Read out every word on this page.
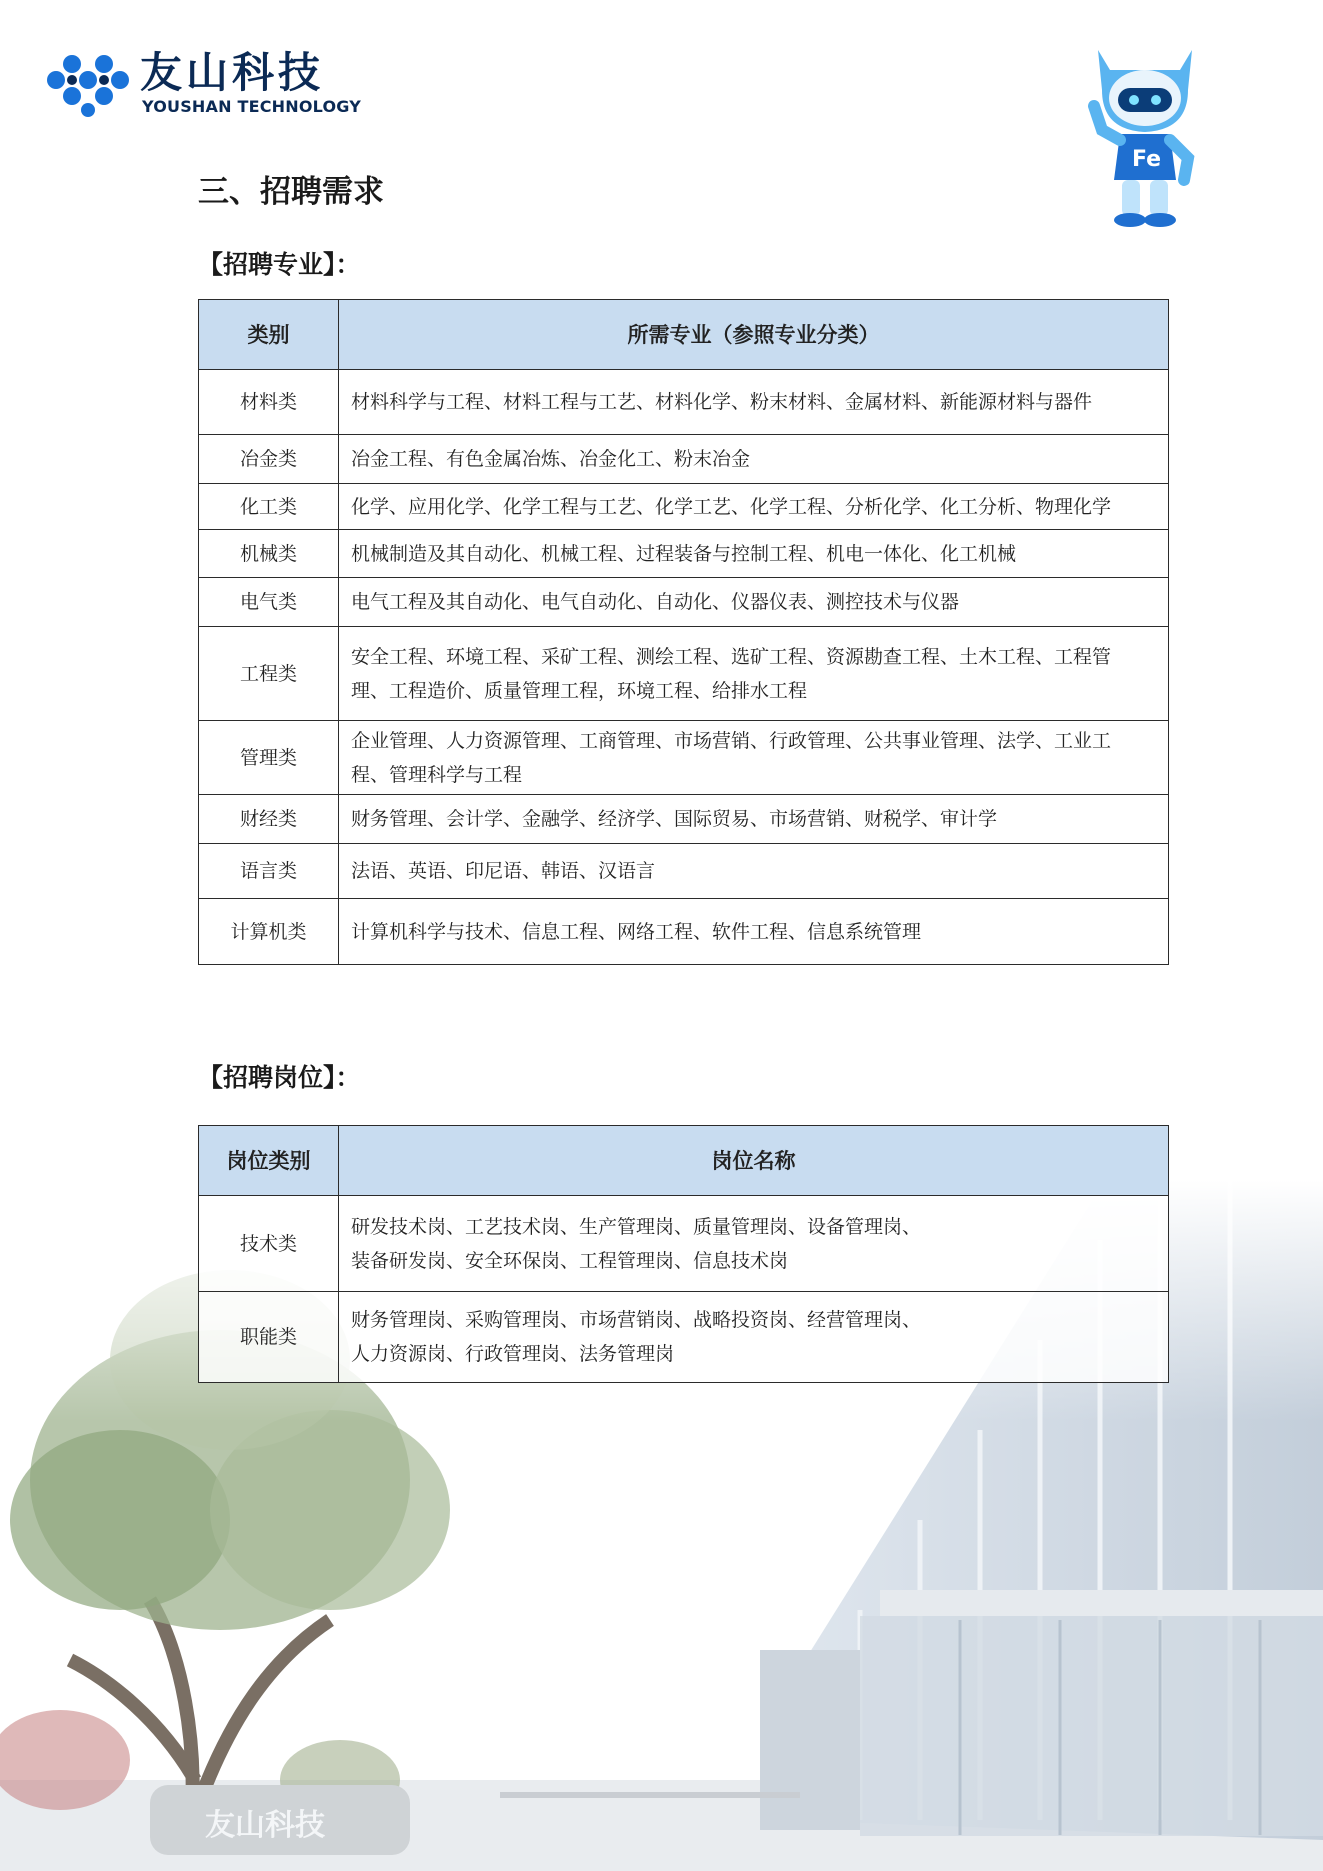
友山科技
YOUSHAN TECHNOLOGY
Fe
三、招聘需求
【招聘专业】：
类别	所需专业（参照专业分类）
材料类	材料科学与工程、材料工程与工艺、材料化学、粉末材料、金属材料、新能源材料与器件

冶金类	冶金工程、有色金属冶炼、冶金化工、粉末冶金

化工类	化学、应用化学、化学工程与工艺、化学工艺、化学工程、分析化学、化工分析、物理化学

机械类	机械制造及其自动化、机械工程、过程装备与控制工程、机电一体化、化工机械

电气类	电气工程及其自动化、电气自动化、自动化、仪器仪表、测控技术与仪器

工程类	安全工程、环境工程、采矿工程、测绘工程、选矿工程、资源勘查工程、土木工程、工程管
理、工程造价、质量管理工程，环境工程、给排水工程

管理类	企业管理、人力资源管理、工商管理、市场营销、行政管理、公共事业管理、法学、工业工
程、管理科学与工程

财经类	财务管理、会计学、金融学、经济学、国际贸易、市场营销、财税学、审计学

语言类	法语、英语、印尼语、韩语、汉语言

计算机类	计算机科学与技术、信息工程、网络工程、软件工程、信息系统管理
【招聘岗位】：
岗位类别	岗位名称
技术类	研发技术岗、工艺技术岗、生产管理岗、质量管理岗、设备管理岗、
装备研发岗、安全环保岗、工程管理岗、信息技术岗

职能类	财务管理岗、采购管理岗、市场营销岗、战略投资岗、经营管理岗、
人力资源岗、行政管理岗、法务管理岗
